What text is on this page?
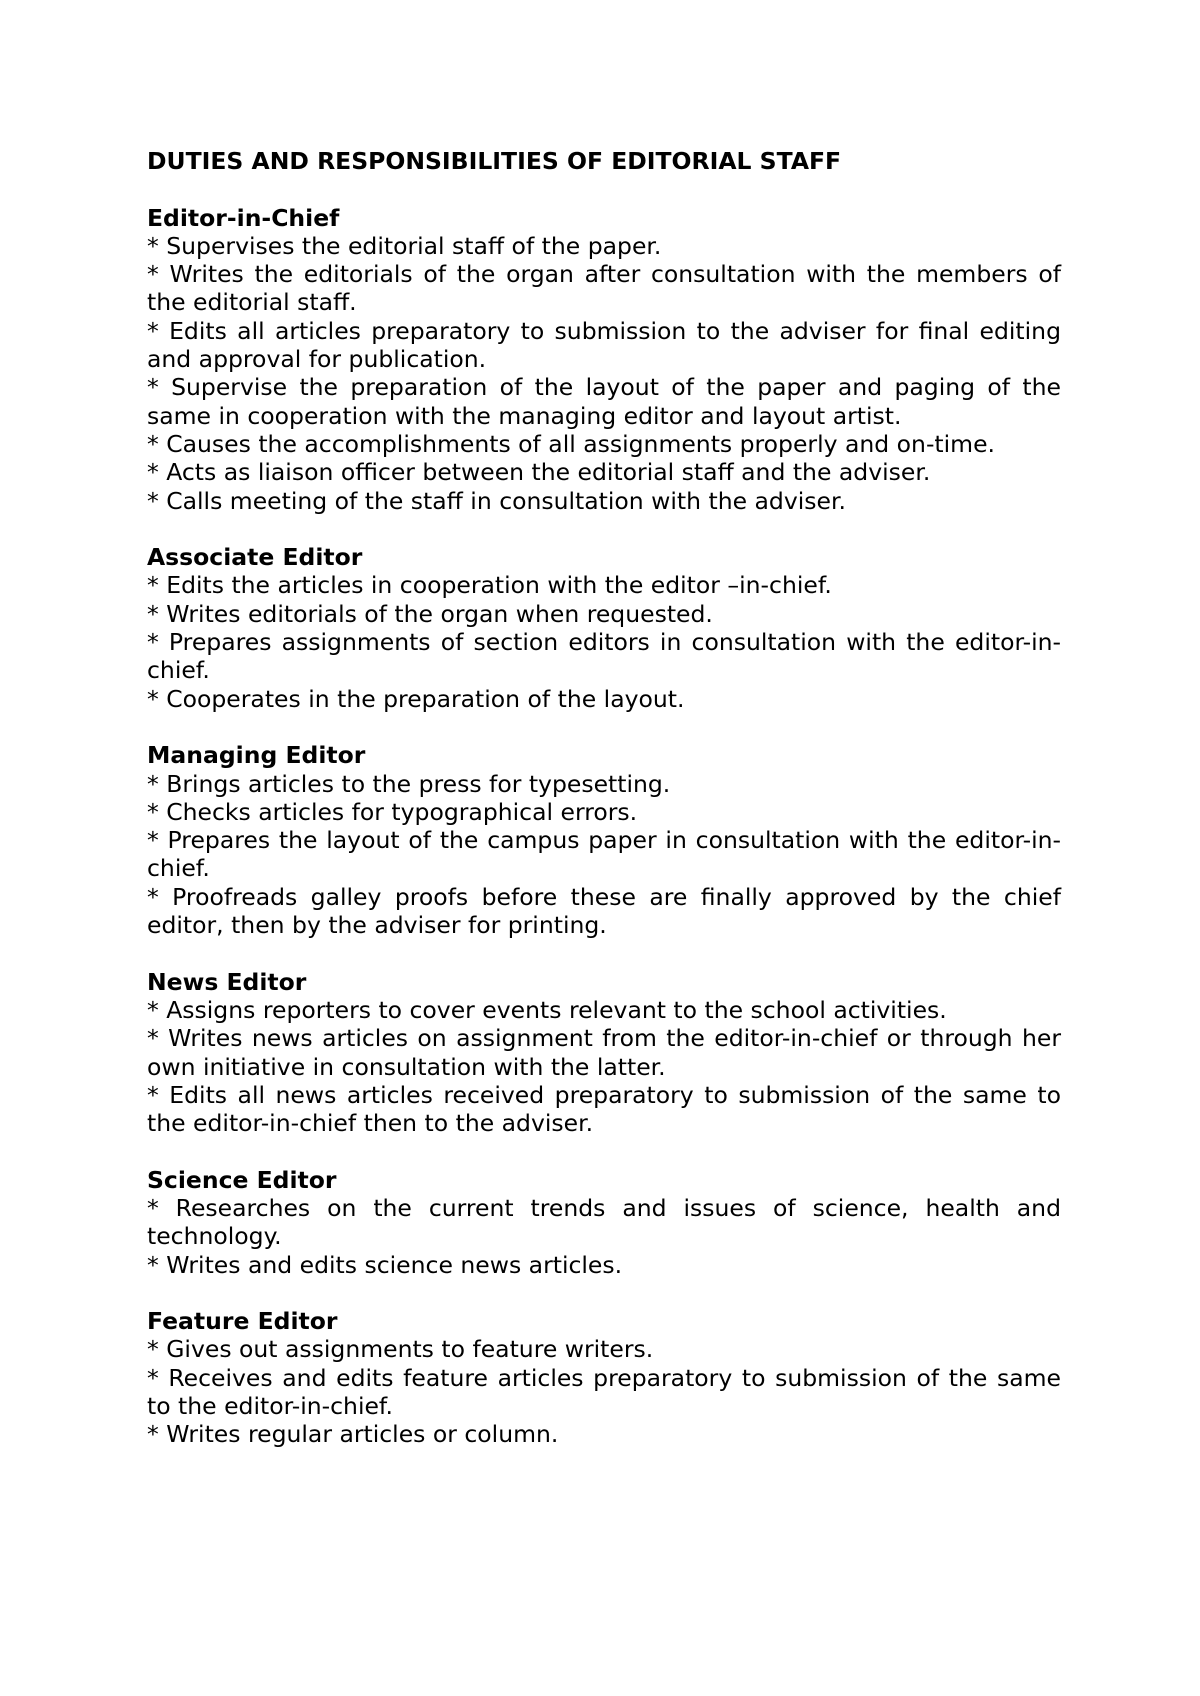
DUTIES AND RESPONSIBILITIES OF EDITORIAL STAFF
Editor-in-Chief
* Supervises the editorial staff of the paper.
* Writes the editorials of the organ after consultation with the members of the editorial staff.
* Edits all articles preparatory to submission to the adviser for final editing and approval for publication.
* Supervise the preparation of the layout of the paper and paging of the same in cooperation with the managing editor and layout artist.
* Causes the accomplishments of all assignments properly and on-time.
* Acts as liaison officer between the editorial staff and the adviser.
* Calls meeting of the staff in consultation with the adviser.
Associate Editor
* Edits the articles in cooperation with the editor –in-chief.
* Writes editorials of the organ when requested.
* Prepares assignments of section editors in consultation with the editor-in-chief.
* Cooperates in the preparation of the layout.
Managing Editor
* Brings articles to the press for typesetting.
* Checks articles for typographical errors.
* Prepares the layout of the campus paper in consultation with the editor-in-chief.
* Proofreads galley proofs before these are finally approved by the chief editor, then by the adviser for printing.
News Editor
* Assigns reporters to cover events relevant to the school activities.
* Writes news articles on assignment from the editor-in-chief or through her own initiative in consultation with the latter.
* Edits all news articles received preparatory to submission of the same to the editor-in-chief then to the adviser.
Science Editor
* Researches on the current trends and issues of science, health and technology.
* Writes and edits science news articles.
Feature Editor
* Gives out assignments to feature writers.
* Receives and edits feature articles preparatory to submission of the same to the editor-in-chief.
* Writes regular articles or column.
